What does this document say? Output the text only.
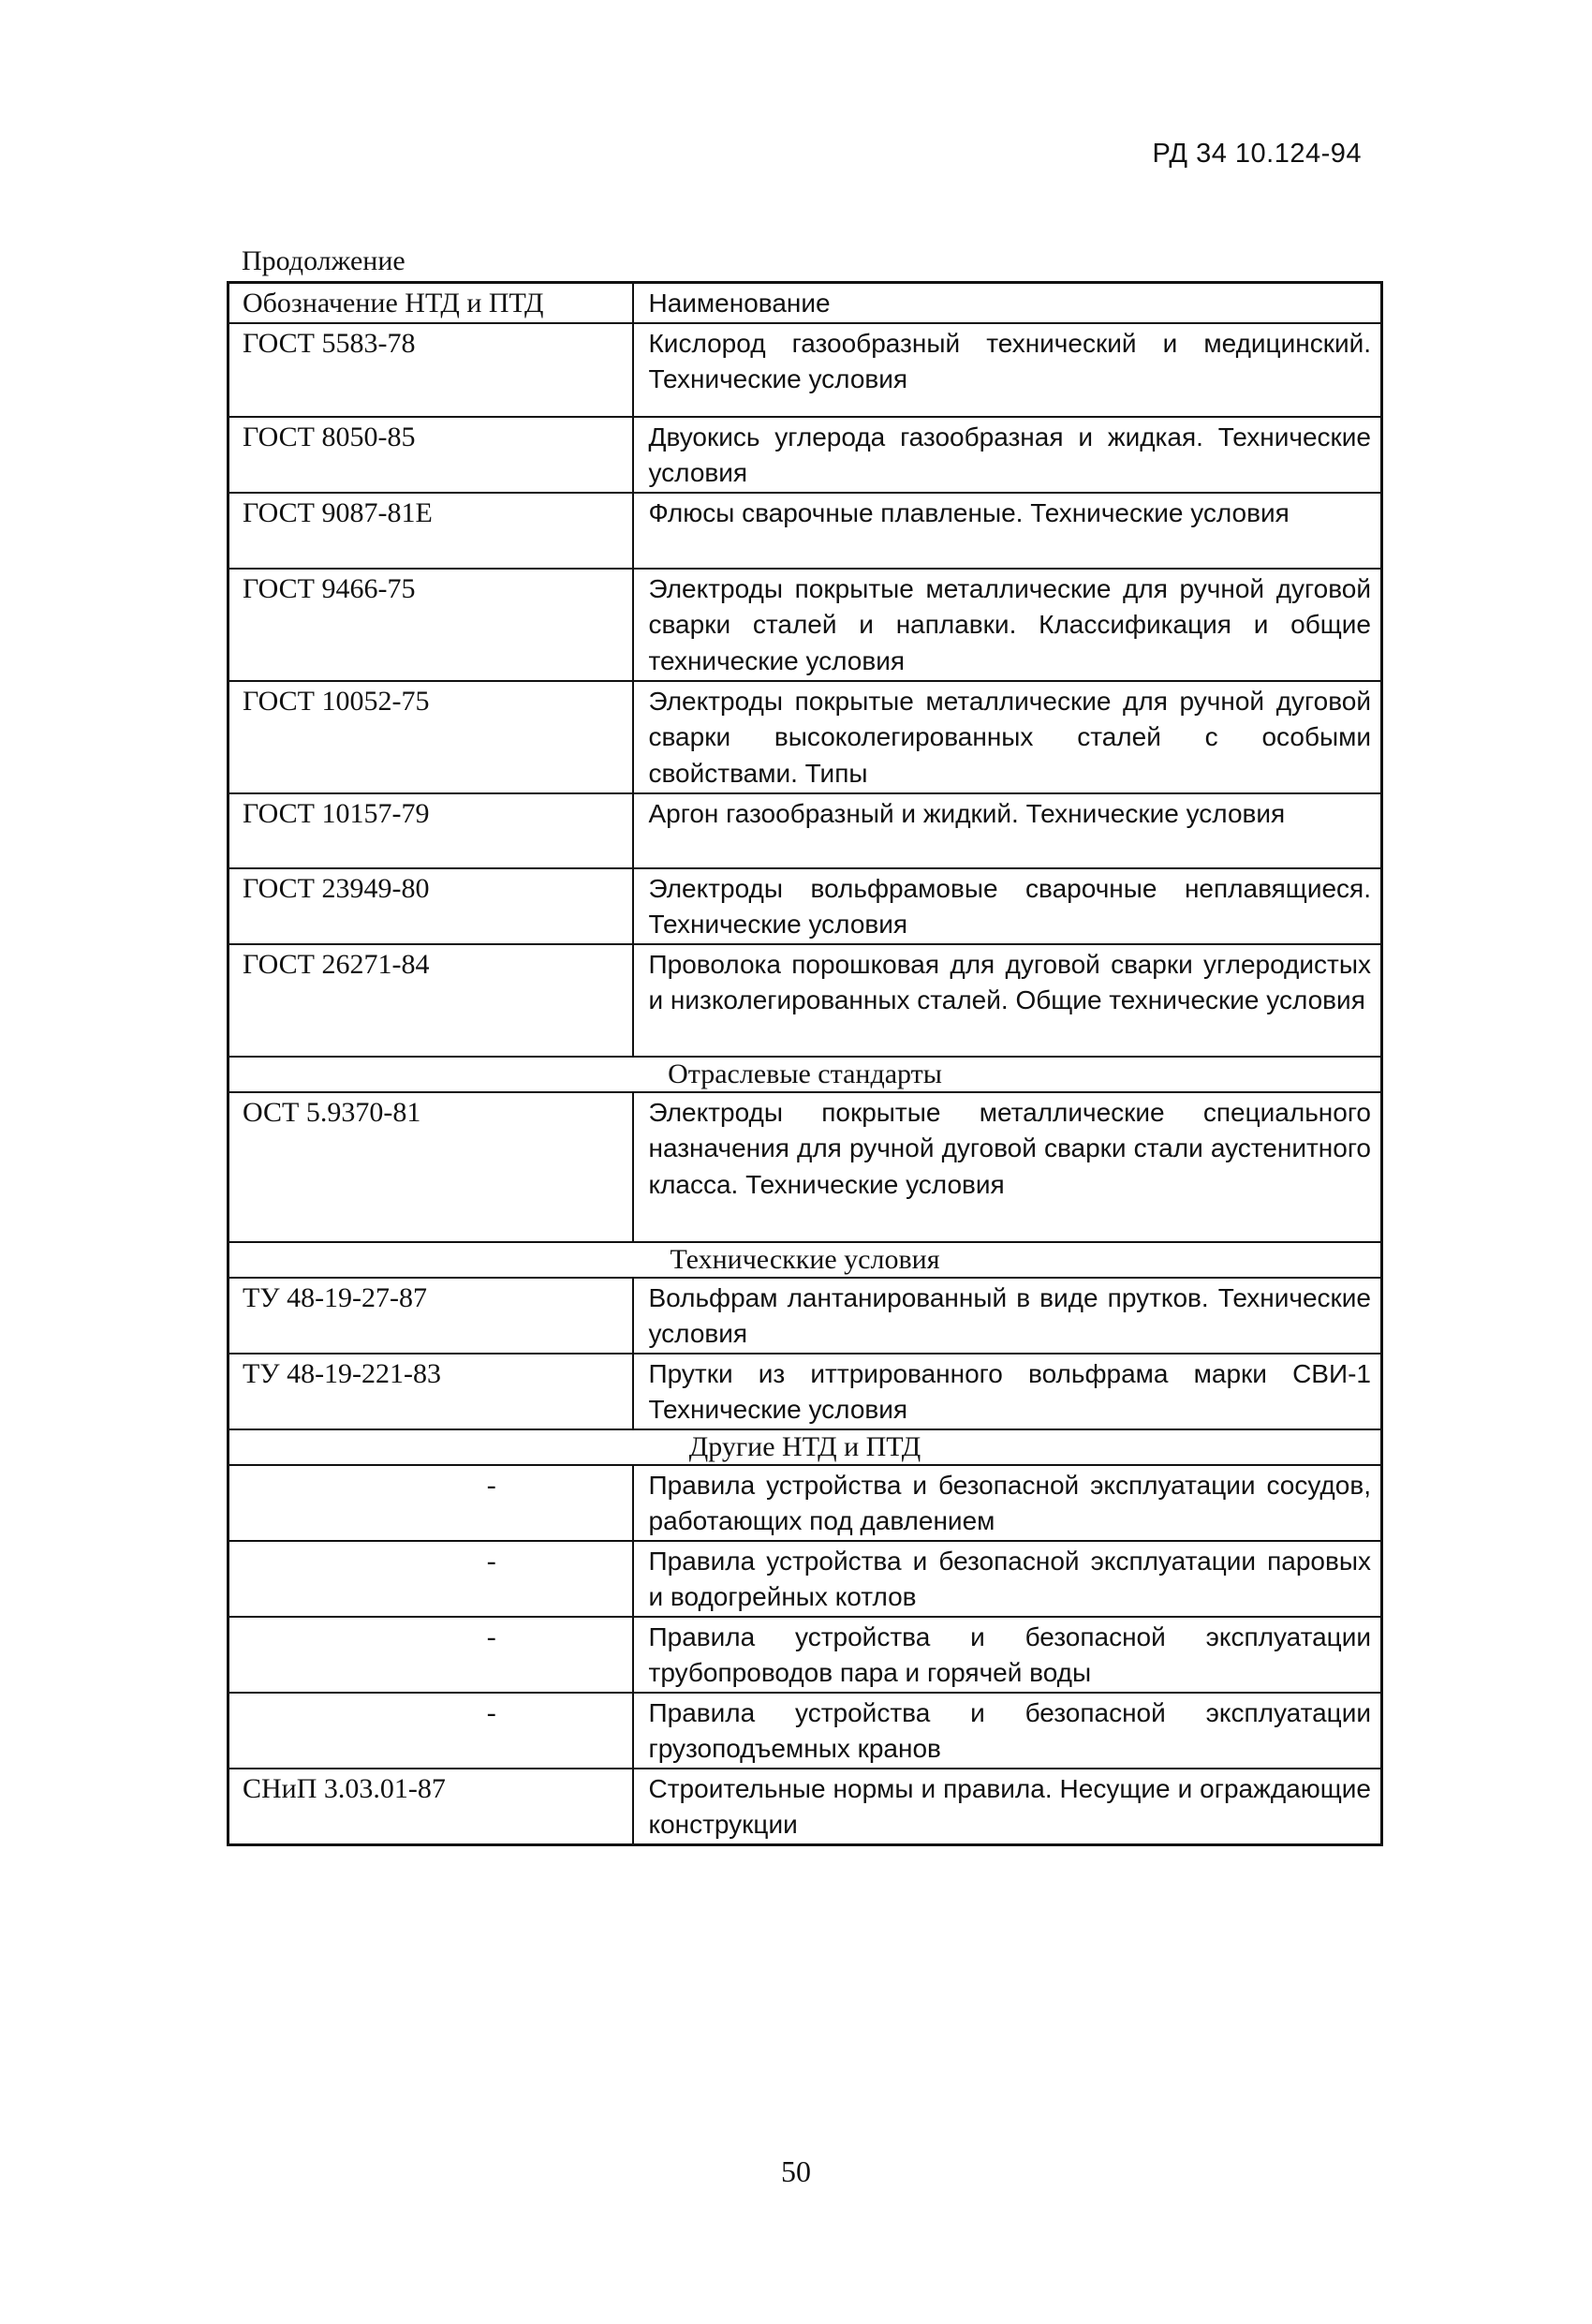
РД 34 10.124-94
Продолжение
Обозначение НТД и ПТД	Наименование
ГОСТ 5583-78	Кислород газообразный технический и медицинский. Технические условия
ГОСТ 8050-85	Двуокись углерода газообразная и жидкая. Технические условия
ГОСТ 9087-81Е	Флюсы сварочные плавленые. Технические условия
ГОСТ 9466-75	Электроды покрытые металлические для ручной дуговой сварки сталей и наплавки. Классификация и общие технические условия
ГОСТ 10052-75	Электроды покрытые металлические для ручной дуговой сварки высоколегированных сталей с особыми свойствами. Типы
ГОСТ 10157-79	Аргон газообразный и жидкий. Технические условия
ГОСТ 23949-80	Электроды вольфрамовые сварочные неплавящиеся. Технические условия
ГОСТ 26271-84	Проволока порошковая для дуговой сварки углеродистых и низколегированных сталей. Общие технические условия
Отраслевые стандарты	
ОСТ 5.9370-81	Электроды покрытые металлические специального назначения для ручной дуговой сварки стали аустенитного класса. Технические условия
Техническкие условия	
ТУ 48-19-27-87	Вольфрам лантанированный в виде прутков. Технические условия
ТУ 48-19-221-83	Прутки из иттрированного вольфрама марки СВИ-1 Технические условия
Другие НТД и ПТД	
-	Правила устройства и безопасной эксплуатации сосудов, работающих под давлением
-	Правила устройства и безопасной эксплуатации паровых и водогрейных котлов
-	Правила устройства и безопасной эксплуатации трубопроводов пара и горячей воды
-	Правила устройства и безопасной эксплуатации грузоподъемных кранов
СНиП 3.03.01-87	Строительные нормы и правила. Несущие и ограждающие конструкции
50
